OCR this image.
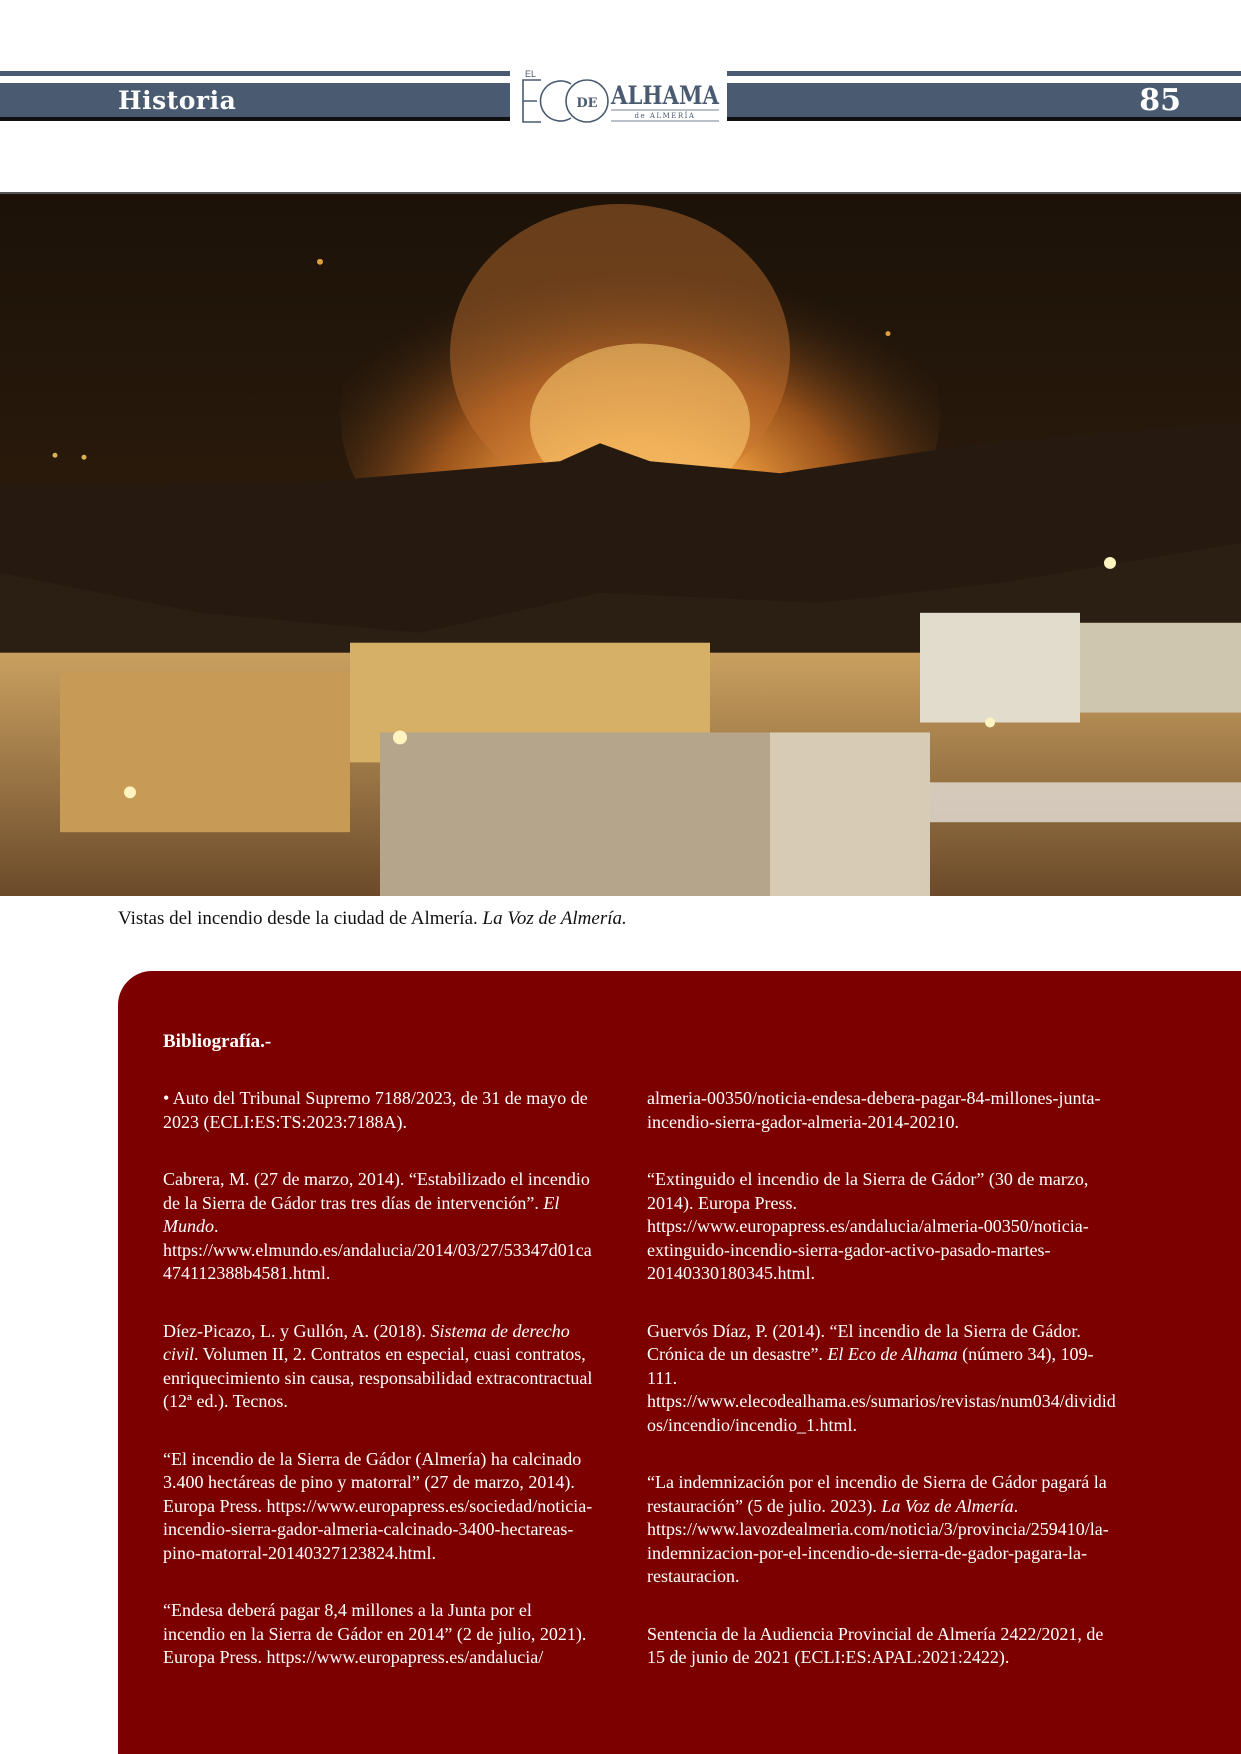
Historia	85
EL
DE ALHAMA
de ALMERÍA
Vistas del incendio desde la ciudad de Almería. La Voz de Almería.
Bibliografía.-
• Auto del Tribunal Supremo 7188/2023, de 31 de mayo de 2023 (ECLI:ES:TS:2023:7188A).
Cabrera, M. (27 de marzo, 2014). “Estabilizado el incendio de la Sierra de Gádor tras tres días de intervención”. El Mundo. https://www.elmundo.es/andalucia/2014/03/27/53347d01ca474112388b4581.html.
Díez-Picazo, L. y Gullón, A. (2018). Sistema de derecho civil. Volumen II, 2. Contratos en especial, cuasi contratos, enriquecimiento sin causa, responsabilidad extracontractual (12ª ed.). Tecnos.
“El incendio de la Sierra de Gádor (Almería) ha calcinado 3.400 hectáreas de pino y matorral” (27 de marzo, 2014). Europa Press. https://www.europapress.es/sociedad/noticia-incendio-sierra-gador-almeria-calcinado-3400-hectareas-pino-matorral-20140327123824.html.
“Endesa deberá pagar 8,4 millones a la Junta por el incendio en la Sierra de Gádor en 2014” (2 de julio, 2021). Europa Press. https://www.europapress.es/andalucia/
almeria-00350/noticia-endesa-debera-pagar-84-millones-junta-incendio-sierra-gador-almeria-2014-20210.
“Extinguido el incendio de la Sierra de Gádor” (30 de marzo, 2014). Europa Press. https://www.europapress.es/andalucia/almeria-00350/noticia-extinguido-incendio-sierra-gador-activo-pasado-martes-20140330180345.html.
Guervós Díaz, P. (2014). “El incendio de la Sierra de Gádor. Crónica de un desastre”. El Eco de Alhama (número 34), 109-111. https://www.elecodealhama.es/sumarios/revistas/num034/divididos/incendio/incendio_1.html.
“La indemnización por el incendio de Sierra de Gádor pagará la restauración” (5 de julio. 2023). La Voz de Almería. https://www.lavozdealmeria.com/noticia/3/provincia/259410/la-indemnizacion-por-el-incendio-de-sierra-de-gador-pagara-la-restauracion.
Sentencia de la Audiencia Provincial de Almería 2422/2021, de 15 de junio de 2021 (ECLI:ES:APAL:2021:2422).
